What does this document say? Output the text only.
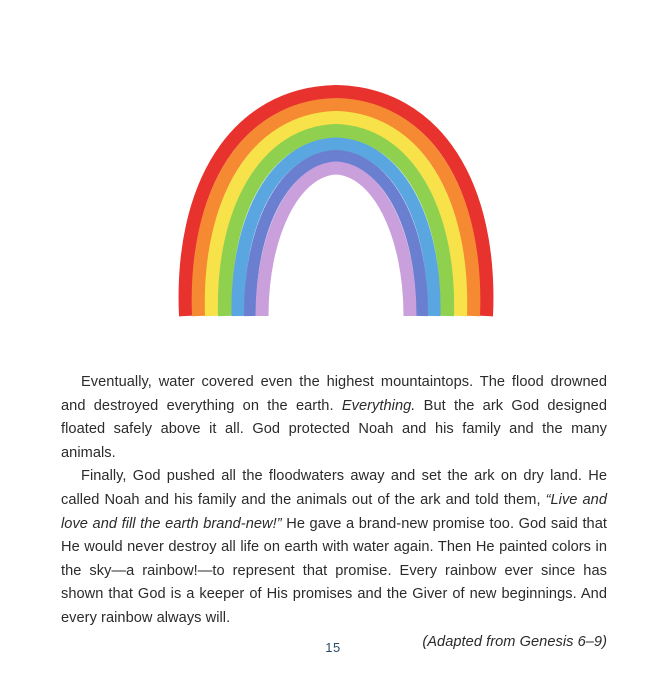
Eventually, water covered even the highest mountaintops. The flood drowned and destroyed everything on the earth. Everything. But the ark God designed floated safely above it all. God protected Noah and his family and the many animals.

Finally, God pushed all the floodwaters away and set the ark on dry land. He called Noah and his family and the animals out of the ark and told them, “Live and love and fill the earth brand-new!” He gave a brand-new promise too. God said that He would never destroy all life on earth with water again. Then He painted colors in the sky—a rainbow!—to represent that promise. Every rainbow ever since has shown that God is a keeper of His promises and the Giver of new beginnings. And every rainbow always will.

(Adapted from Genesis 6–9)

15
